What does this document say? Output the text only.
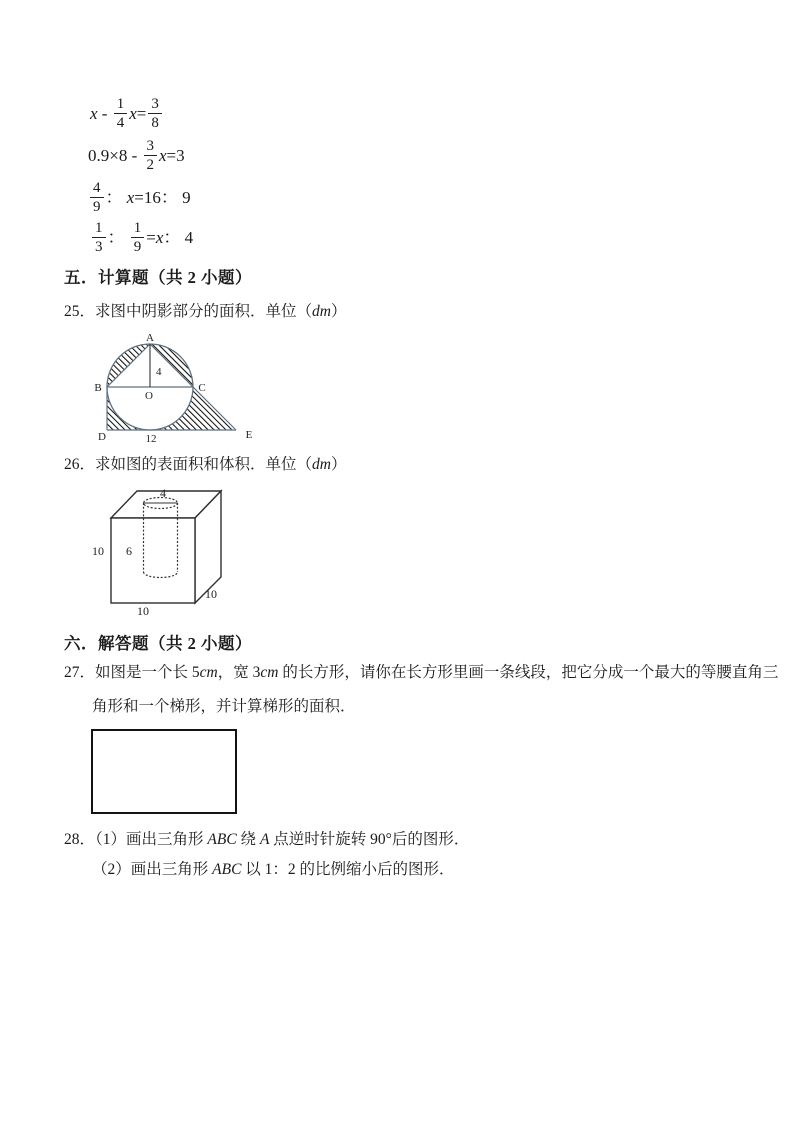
x - $\frac{1}{4}$ $x = \frac{3}{8}$
$0.9\times 8 - \frac{3}{2}$ x =3
$\frac{4}{9}$ ： x =16： 9
$\frac{1}{3}$ ： $\frac{1}{9} = x$ ： 4
五．计算题（共 2 小题）
25．求图中阴影部分的面积．单位（dm）
A
B	C
O
D	E
4
12
26．求如图的表面积和体积．单位（dm）
4
6
10
10
10
六．解答题（共 2 小题）
27．如图是一个长 5cm，宽 3cm 的长方形，请你在长方形里画一条线段，把它分成一个最大的等腰直角三
角形和一个梯形，并计算梯形的面积．
28．（1）画出三角形 ABC 绕 A 点逆时针旋转 90°后的图形．
（2）画出三角形 ABC 以 1：2 的比例缩小后的图形．
